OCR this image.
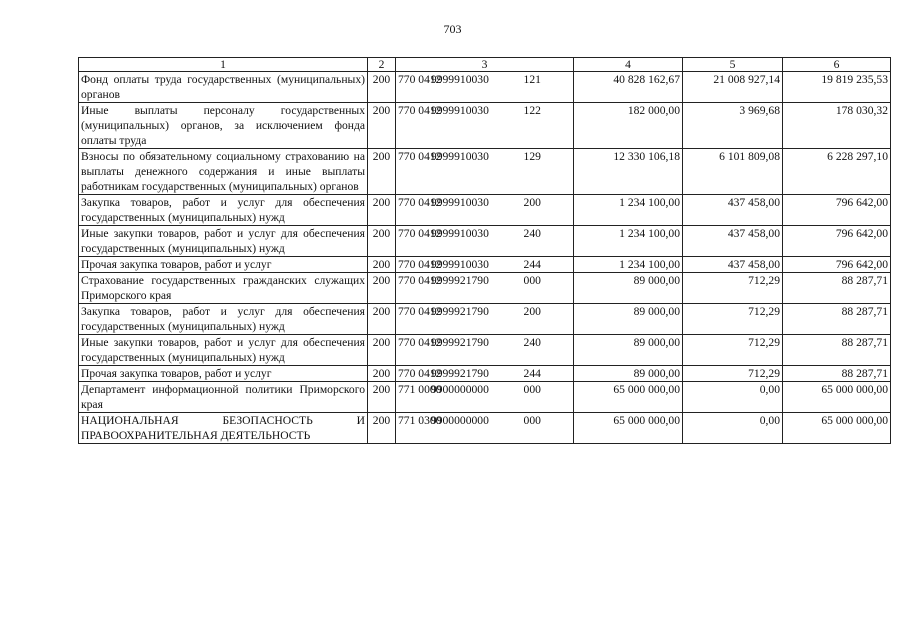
703
1	2	3	4	5	6
Фонд оплаты труда государственных (муниципальных) органов	200	770 0412 9999910030 121	40 828 162,67	21 008 927,14	19 819 235,53
Иные выплаты персоналу государственных (муниципальных) органов, за исключением фонда оплаты труда	200	770 0412 9999910030 122	182 000,00	3 969,68	178 030,32
Взносы по обязательному социальному страхованию на выплаты денежного содержания и иные выплаты работникам государственных (муниципальных) органов	200	770 0412 9999910030 129	12 330 106,18	6 101 809,08	6 228 297,10
Закупка товаров, работ и услуг для обеспечения государственных (муниципальных) нужд	200	770 0412 9999910030 200	1 234 100,00	437 458,00	796 642,00
Иные закупки товаров, работ и услуг для обеспечения государственных (муниципальных) нужд	200	770 0412 9999910030 240	1 234 100,00	437 458,00	796 642,00
Прочая закупка товаров, работ и услуг	200	770 0412 9999910030 244	1 234 100,00	437 458,00	796 642,00
Страхование государственных гражданских служащих Приморского края	200	770 0412 9999921790 000	89 000,00	712,29	88 287,71
Закупка товаров, работ и услуг для обеспечения государственных (муниципальных) нужд	200	770 0412 9999921790 200	89 000,00	712,29	88 287,71
Иные закупки товаров, работ и услуг для обеспечения государственных (муниципальных) нужд	200	770 0412 9999921790 240	89 000,00	712,29	88 287,71
Прочая закупка товаров, работ и услуг	200	770 0412 9999921790 244	89 000,00	712,29	88 287,71
Департамент информационной политики Приморского края	200	771 0000 9900000000 000	65 000 000,00	0,00	65 000 000,00
НАЦИОНАЛЬНАЯ БЕЗОПАСНОСТЬ И ПРАВООХРАНИТЕЛЬНАЯ ДЕЯТЕЛЬНОСТЬ	200	771 0300 9900000000 000	65 000 000,00	0,00	65 000 000,00
